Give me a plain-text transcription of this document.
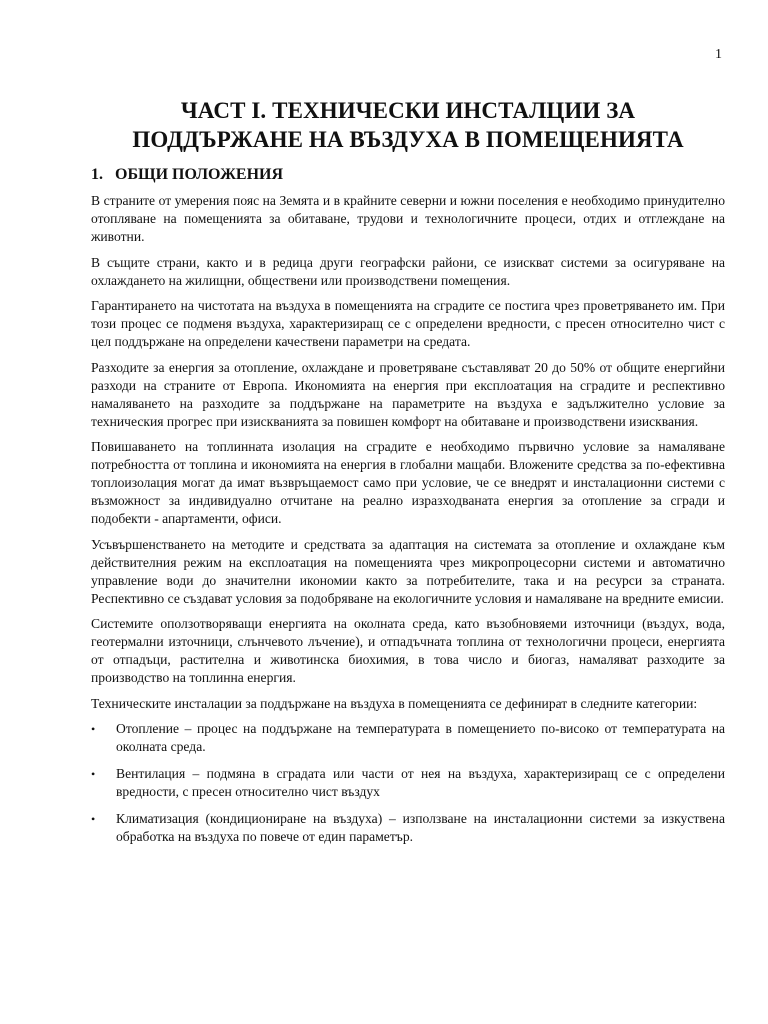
1
ЧАСТ I. ТЕХНИЧЕСКИ ИНСТАЛЦИИ ЗА
ПОДДЪРЖАНЕ НА ВЪЗДУХА В ПОМЕЩЕНИЯТА
1. ОБЩИ ПОЛОЖЕНИЯ

В страните от умерения пояс на Земята и в крайните северни и южни поселения е необходимо принудително отопляване на помещенията за обитаване, трудови и технологичните процеси, отдих и отглеждане на животни.

В същите страни, както и в редица други географски райони, се изискват системи за осигуряване на охлаждането на жилищни, обществени или производствени помещения.

Гарантирането на чистотата на въздуха в помещенията на сградите се постига чрез проветряването им. При този процес се подменя въздуха, характеризиращ се с определени вредности, с пресен относително чист с цел поддържане на определени качествени параметри на средата.

Разходите за енергия за отопление, охлаждане и проветряване съставляват 20 до 50% от общите енергийни разходи на страните от Европа. Икономията на енергия при експлоатация на сградите и респективно намаляването на разходите за поддържане на параметрите на въздуха е задължително условие за техническия прогрес при изискванията за повишен комфорт на обитаване и производствени изисквания.

Повишаването на топлинната изолация на сградите е необходимо първично условие за намаляване потребността от топлина и икономията на енергия в глобални мащаби. Вложените средства за по-ефективна топлоизолация могат да имат възвръщаемост само при условие, че се внедрят и инсталационни системи с възможност за индивидуално отчитане на реално изразходваната енергия за отопление за сгради и подобекти - апартаменти, офиси.

Усъвършенстването на методите и средствата за адаптация на системата за отопление и охлаждане към действителния режим на експлоатация на помещенията чрез микропроцесорни системи и автоматично управление води до значителни икономии както за потребителите, така и на ресурси за страната. Респективно се създават условия за подобряване на екологичните условия и намаляване на вредните емисии.

Системите оползотворяващи енергията на околната среда, като възобновяеми източници (въздух, вода, геотермални източници, слънчевото лъчение), и отпадъчната топлина от технологични процеси, енергията от отпадъци, растителна и животинска биохимия, в това число и биогаз, намаляват разходите за производство на топлинна енергия.

Техническите инсталации за поддържане на въздуха в помещенията се дефинират в следните категории:

• Отопление – процес на поддържане на температурата в помещението по-високо от температурата на околната среда.
• Вентилация – подмяна в сградата или части от нея на въздуха, характеризиращ се с определени вредности, с пресен относително чист въздух
• Климатизация (кондициониране на въздуха) – използване на инсталационни системи за изкуствена обработка на въздуха по повече от един параметър.
